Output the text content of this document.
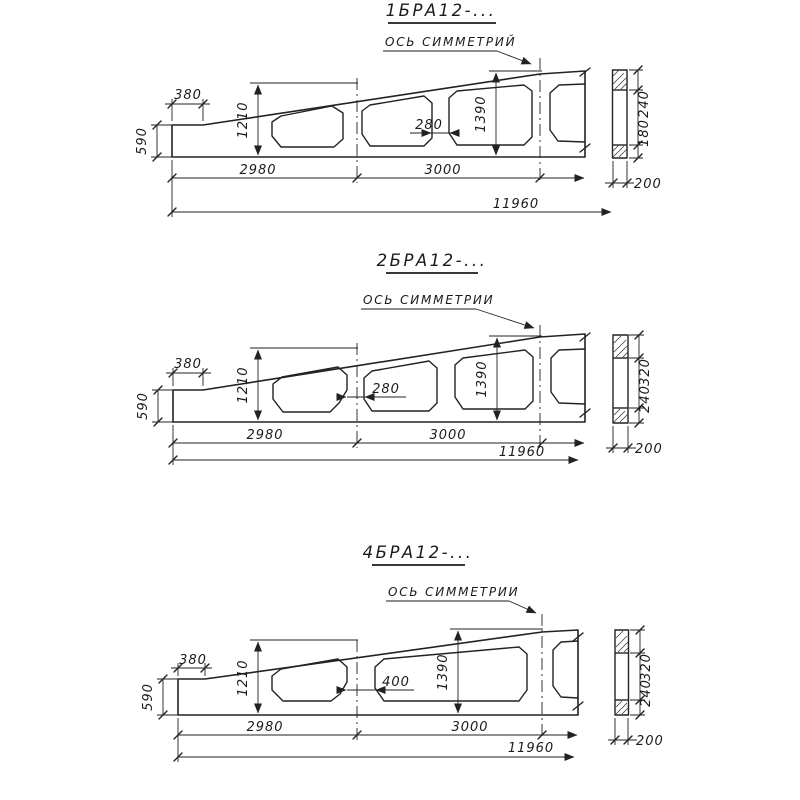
1БРА12-...
ОСЬ СИММЕТРИЙ
380
590
1210	280 1390
2980	3000
11960
240
180
200
2БРА12-...
ОСЬ СИММЕТРИИ
380
590
1210	280	1390
2980	3000
11960
320
240
200
4БРА12-...
ОСЬ СИММЕТРИИ
380
590
1210	400 1390
2980	3000
11960
320
240
200
